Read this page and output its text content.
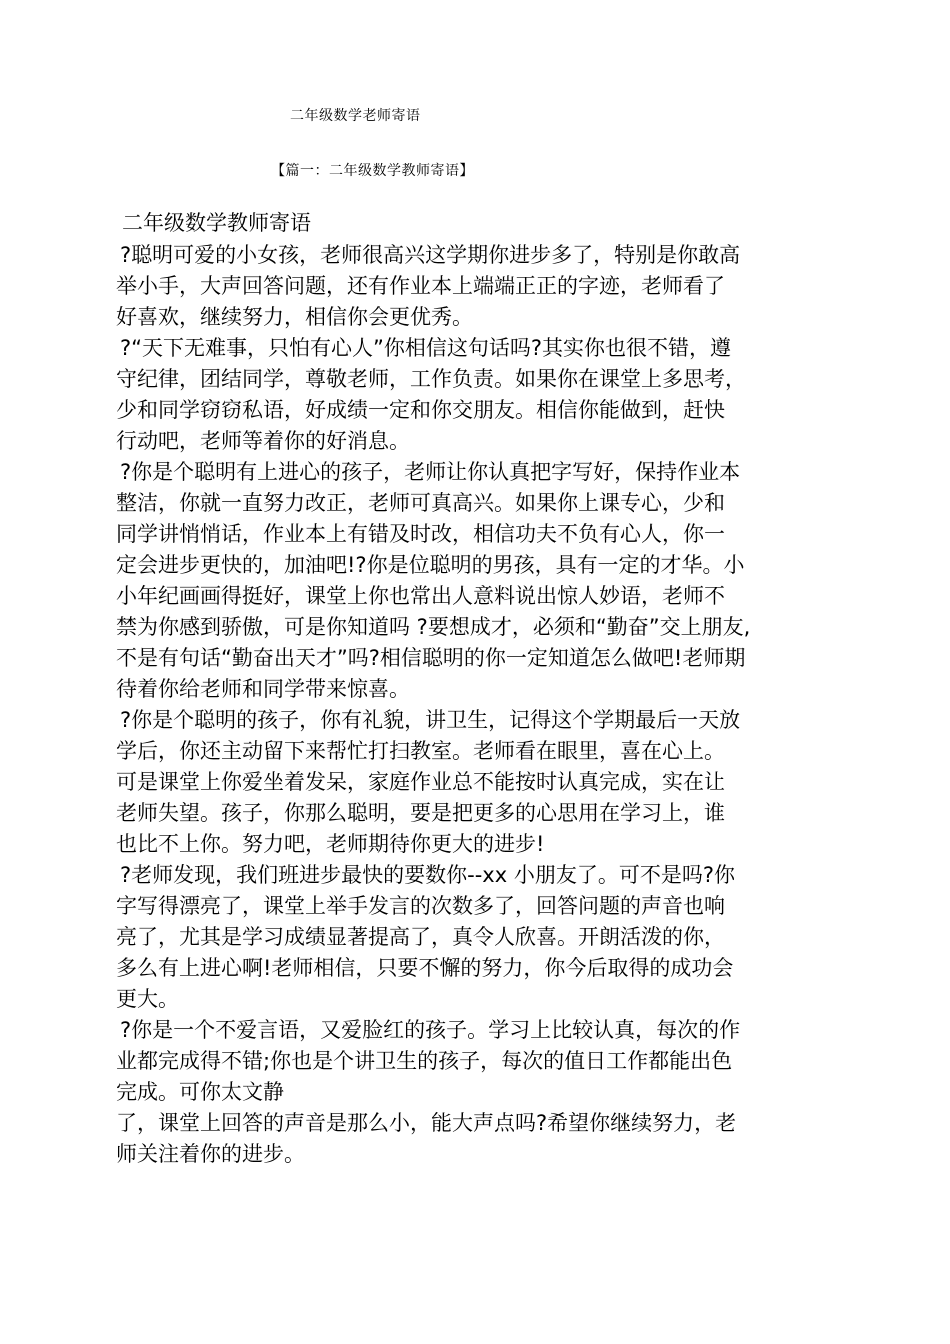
二年级数学老师寄语
【篇一：二年级数学教师寄语】
二年级数学教师寄语
?聪明可爱的小女孩，老师很高兴这学期你进步多了，特别是你敢高
举小手，大声回答问题，还有作业本上端端正正的字迹，老师看了
好喜欢，继续努力，相信你会更优秀。
?“天下无难事，只怕有心人”你相信这句话吗?其实你也很不错，遵
守纪律，团结同学，尊敬老师，工作负责。如果你在课堂上多思考，
少和同学窃窃私语，好成绩一定和你交朋友。相信你能做到，赶快
行动吧，老师等着你的好消息。
?你是个聪明有上进心的孩子，老师让你认真把字写好，保持作业本
整洁，你就一直努力改正，老师可真高兴。如果你上课专心，少和
同学讲悄悄话，作业本上有错及时改，相信功夫不负有心人，你一
定会进步更快的，加油吧!?你是位聪明的男孩，具有一定的才华。小
小年纪画画得挺好，课堂上你也常出人意料说出惊人妙语，老师不
禁为你感到骄傲，可是你知道吗 ?要想成才，必须和“勤奋”交上朋友,
不是有句话“勤奋出天才”吗?相信聪明的你一定知道怎么做吧!老师期
待着你给老师和同学带来惊喜。
?你是个聪明的孩子，你有礼貌，讲卫生，记得这个学期最后一天放
学后，你还主动留下来帮忙打扫教室。老师看在眼里，喜在心上。
可是课堂上你爱坐着发呆，家庭作业总不能按时认真完成，实在让
老师失望。孩子，你那么聪明，要是把更多的心思用在学习上，谁
也比不上你。努力吧，老师期待你更大的进步!
?老师发现，我们班进步最快的要数你--xx 小朋友了。可不是吗?你
字写得漂亮了，课堂上举手发言的次数多了，回答问题的声音也响
亮了，尤其是学习成绩显著提高了，真令人欣喜。开朗活泼的你，
多么有上进心啊!老师相信，只要不懈的努力，你今后取得的成功会
更大。
?你是一个不爱言语，又爱脸红的孩子。学习上比较认真，每次的作
业都完成得不错;你也是个讲卫生的孩子，每次的值日工作都能出色
完成。可你太文静
了，课堂上回答的声音是那么小，能大声点吗?希望你继续努力，老
师关注着你的进步。
